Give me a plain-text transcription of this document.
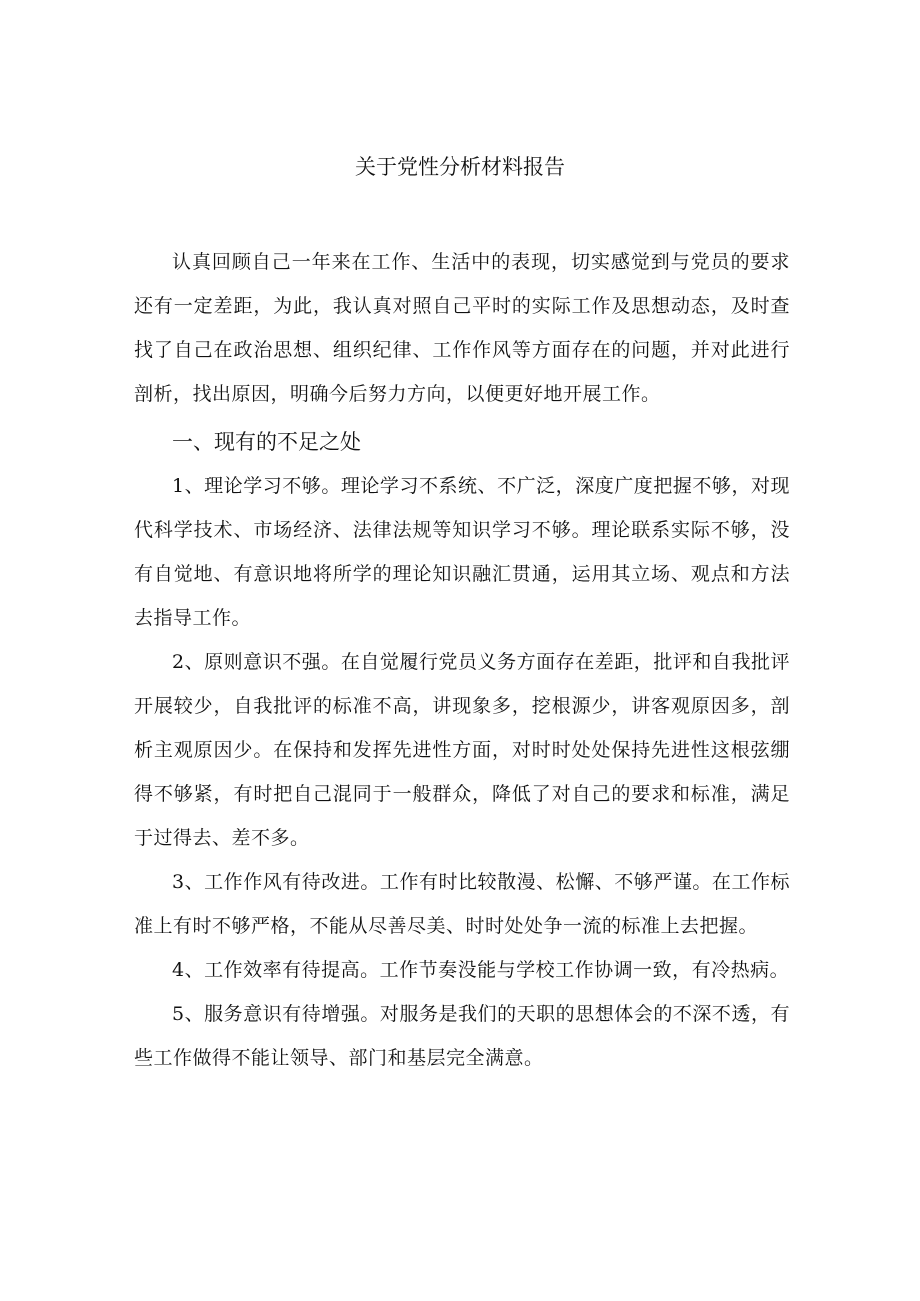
关于党性分析材料报告

认真回顾自己一年来在工作、生活中的表现，切实感觉到与党员的要求还有一定差距，为此，我认真对照自己平时的实际工作及思想动态，及时查找了自己在政治思想、组织纪律、工作作风等方面存在的问题，并对此进行剖析，找出原因，明确今后努力方向，以便更好地开展工作。

一、现有的不足之处

1、理论学习不够。理论学习不系统、不广泛，深度广度把握不够，对现代科学技术、市场经济、法律法规等知识学习不够。理论联系实际不够，没有自觉地、有意识地将所学的理论知识融汇贯通，运用其立场、观点和方法去指导工作。

2、原则意识不强。在自觉履行党员义务方面存在差距，批评和自我批评开展较少，自我批评的标准不高，讲现象多，挖根源少，讲客观原因多，剖析主观原因少。在保持和发挥先进性方面，对时时处处保持先进性这根弦绷得不够紧，有时把自己混同于一般群众，降低了对自己的要求和标准，满足于过得去、差不多。

3、工作作风有待改进。工作有时比较散漫、松懈、不够严谨。在工作标准上有时不够严格，不能从尽善尽美、时时处处争一流的标准上去把握。

4、工作效率有待提高。工作节奏没能与学校工作协调一致，有冷热病。

5、服务意识有待增强。对服务是我们的天职的思想体会的不深不透，有些工作做得不能让领导、部门和基层完全满意。
